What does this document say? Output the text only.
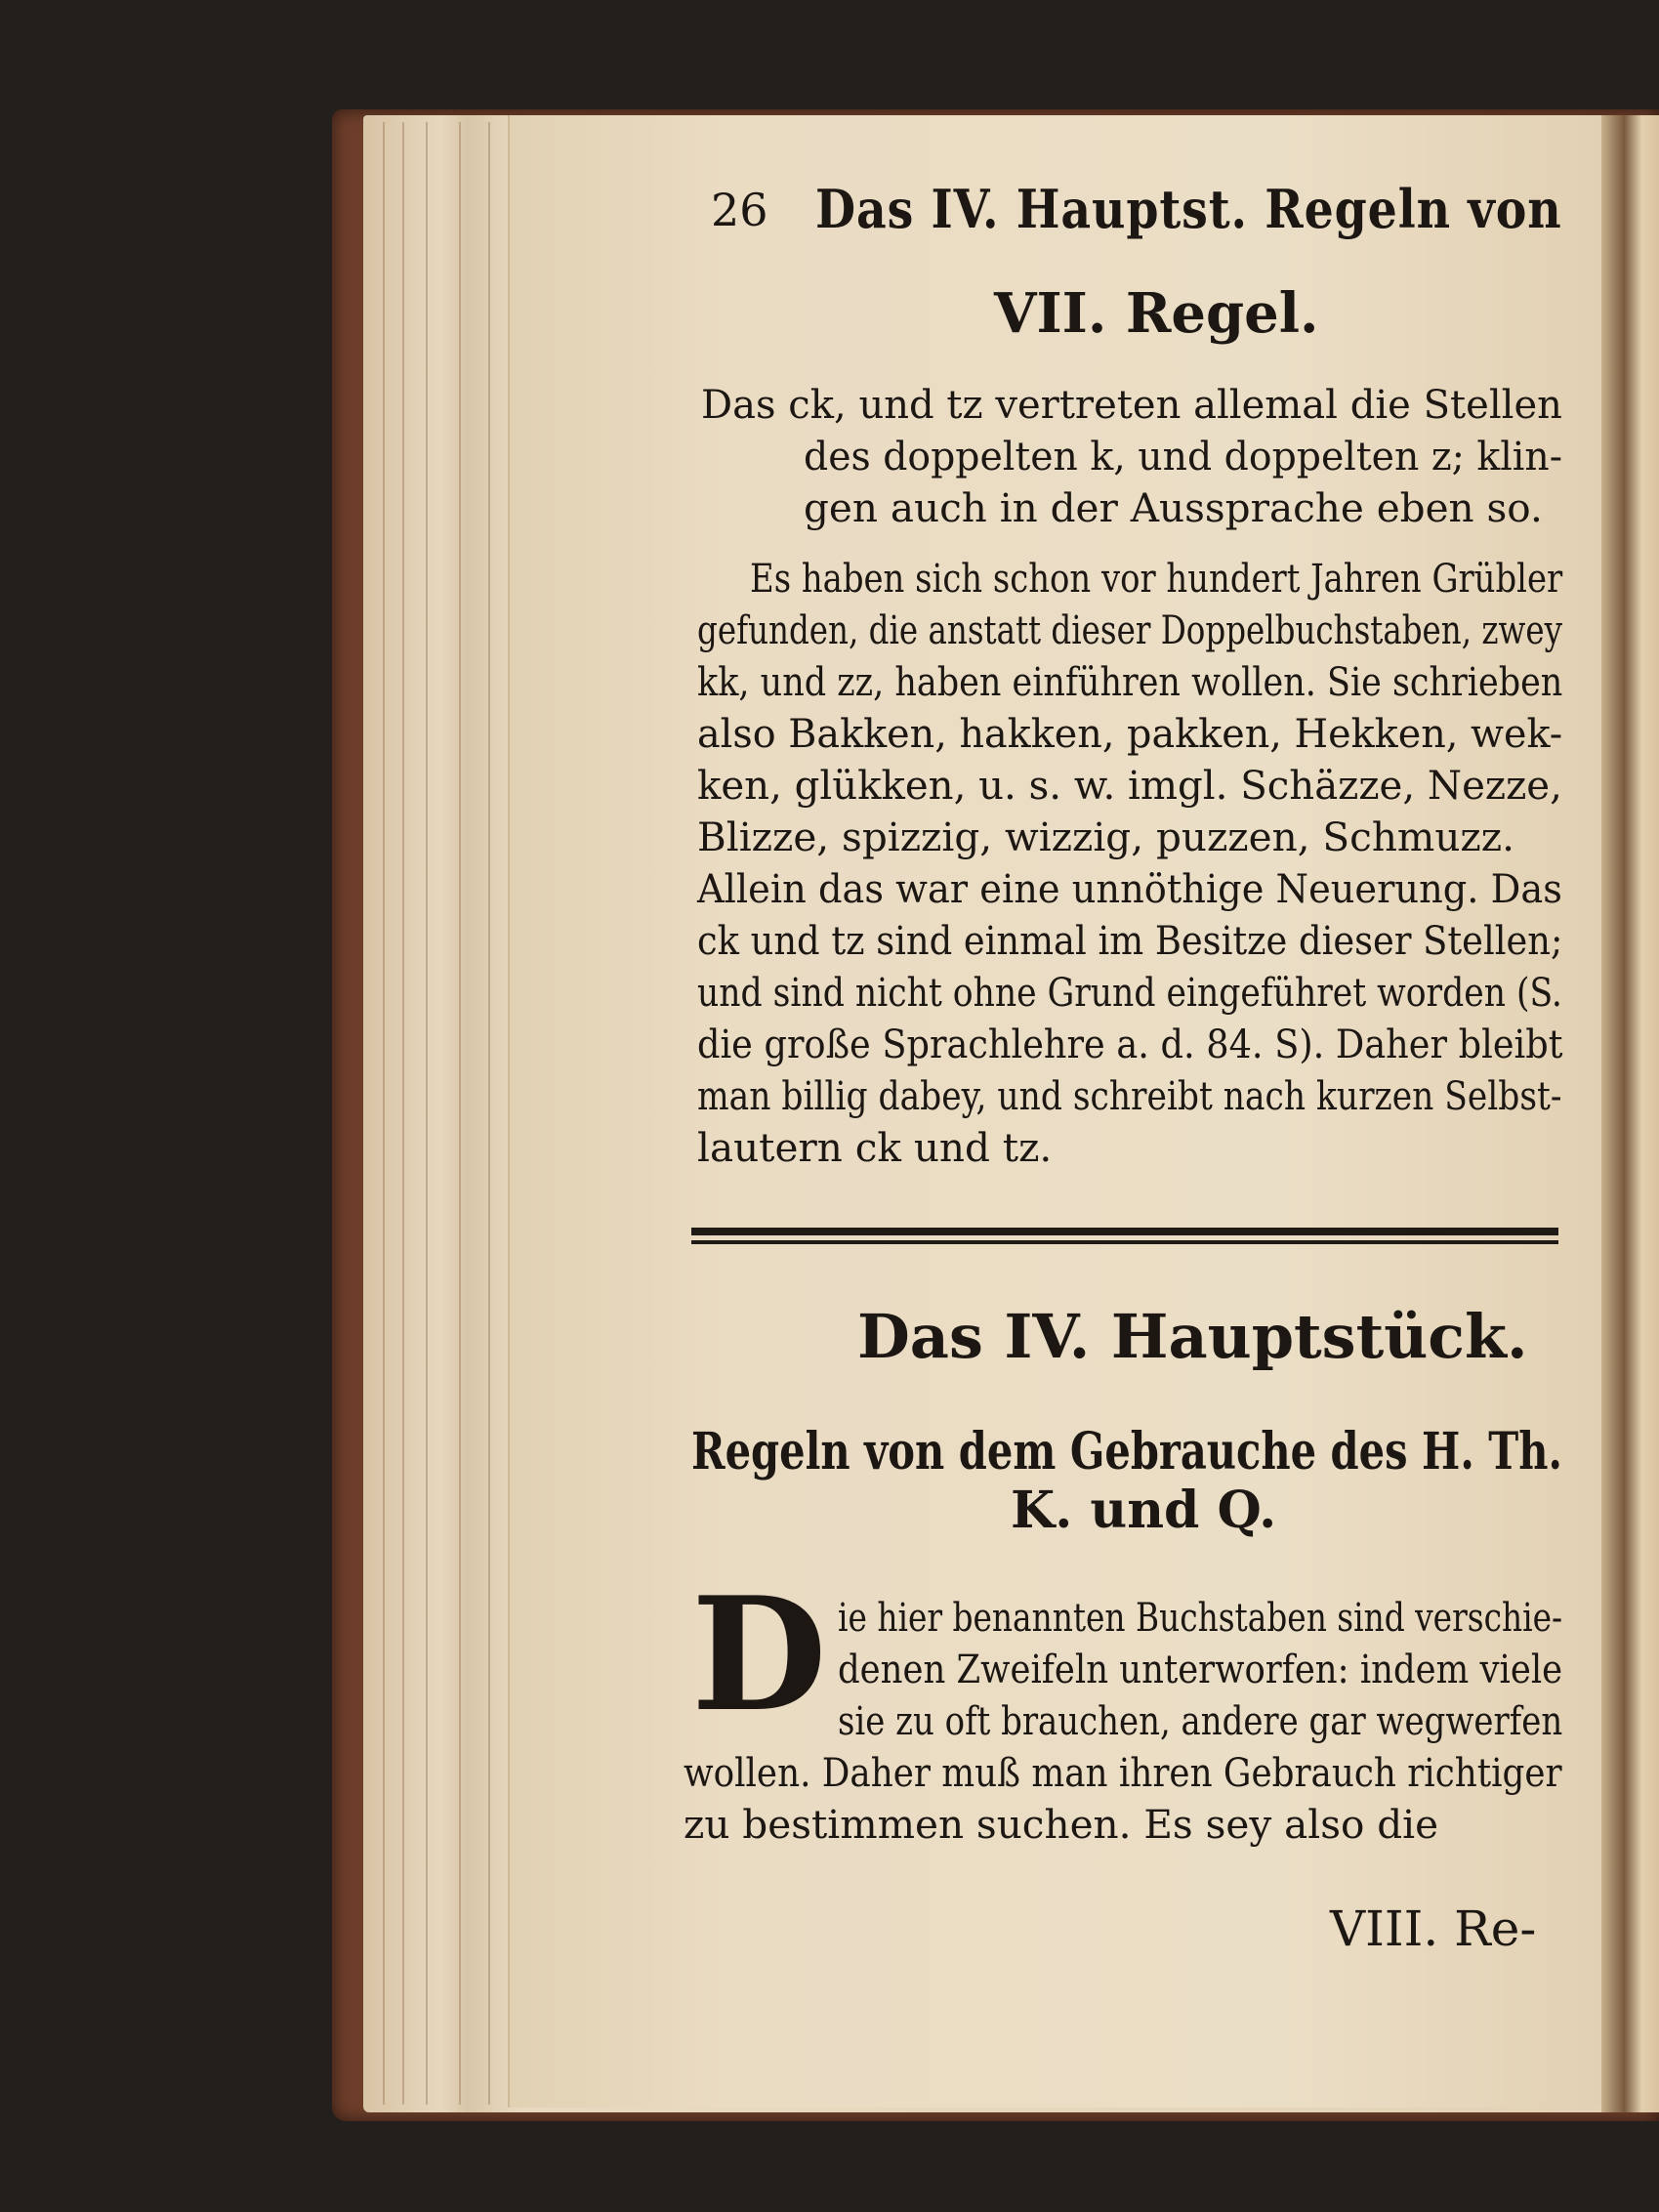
26 Das IV. Hauptst. Regeln von
VII. Regel.
Das ck, und tz vertreten allemal die Stellen
des doppelten k, und doppelten z; klin-
gen auch in der Aussprache eben so.
Es haben sich schon vor hundert Jahren Grübler
gefunden, die anstatt dieser Doppelbuchstaben, zwey
kk, und zz, haben einführen wollen. Sie schrieben
also Bakken, hakken, pakken, Hekken, wek-
ken, glükken, u. s. w. imgl. Schäzze, Nezze,
Blizze, spizzig, wizzig, puzzen, Schmuzz.
Allein das war eine unnöthige Neuerung. Das
ck und tz sind einmal im Besitze dieser Stellen;
und sind nicht ohne Grund eingeführet worden (S.
die große Sprachlehre a. d. 84. S). Daher bleibt
man billig dabey, und schreibt nach kurzen Selbst-
lautern ck und tz.
Das IV. Hauptstück.
Regeln von dem Gebrauche des H. Th.
K. und Q.
D ie hier benannten Buchstaben sind verschie-
denen Zweifeln unterworfen: indem viele
sie zu oft brauchen, andere gar wegwerfen
wollen. Daher muß man ihren Gebrauch richtiger
zu bestimmen suchen. Es sey also die
VIII. Re-
